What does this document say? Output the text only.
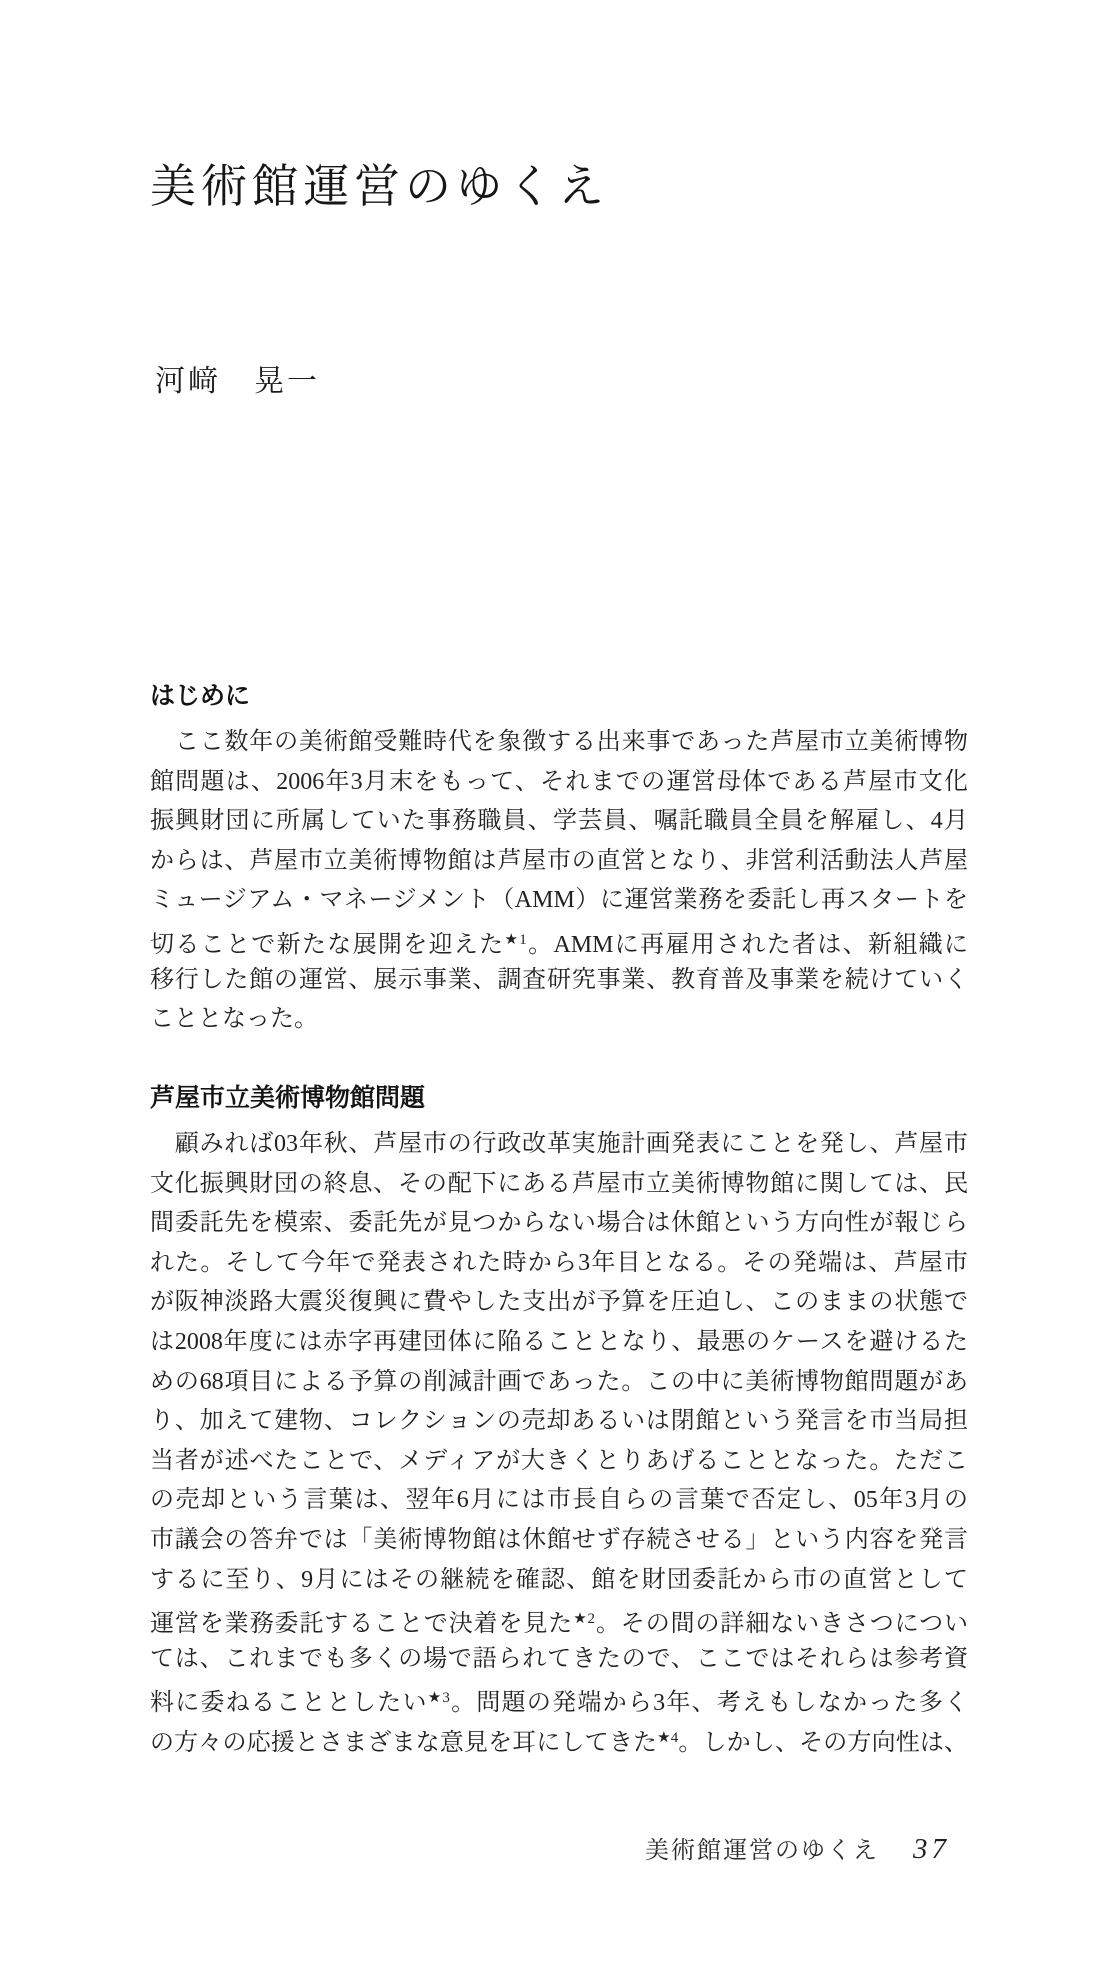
美術館運営のゆくえ
河﨑　晃一
はじめに
　ここ数年の美術館受難時代を象徴する出来事であった芦屋市立美術博物
館問題は、2006年3月末をもって、それまでの運営母体である芦屋市文化
振興財団に所属していた事務職員、学芸員、嘱託職員全員を解雇し、4月
からは、芦屋市立美術博物館は芦屋市の直営となり、非営利活動法人芦屋
ミュージアム・マネージメント（AMM）に運営業務を委託し再スタートを
切ることで新たな展開を迎えた$^{★1}$。AMMに再雇用された者は、新組織に
移行した館の運営、展示事業、調査研究事業、教育普及事業を続けていく
こととなった。
芦屋市立美術博物館問題
　顧みれば03年秋、芦屋市の行政改革実施計画発表にことを発し、芦屋市
文化振興財団の終息、その配下にある芦屋市立美術博物館に関しては、民
間委託先を模索、委託先が見つからない場合は休館という方向性が報じら
れた。そして今年で発表された時から3年目となる。その発端は、芦屋市
が阪神淡路大震災復興に費やした支出が予算を圧迫し、このままの状態で
は2008年度には赤字再建団体に陥ることとなり、最悪のケースを避けるた
めの68項目による予算の削減計画であった。この中に美術博物館問題があ
り、加えて建物、コレクションの売却あるいは閉館という発言を市当局担
当者が述べたことで、メディアが大きくとりあげることとなった。ただこ
の売却という言葉は、翌年6月には市長自らの言葉で否定し、05年3月の
市議会の答弁では「美術博物館は休館せず存続させる」という内容を発言
するに至り、9月にはその継続を確認、館を財団委託から市の直営として
運営を業務委託することで決着を見た$^{★2}$。その間の詳細ないきさつについ
ては、これまでも多くの場で語られてきたので、ここではそれらは参考資
料に委ねることとしたい$^{★3}$。問題の発端から3年、考えもしなかった多く
の方々の応援とさまざまな意見を耳にしてきた$^{★4}$。しかし、その方向性は、
美術館運営のゆくえ 37
